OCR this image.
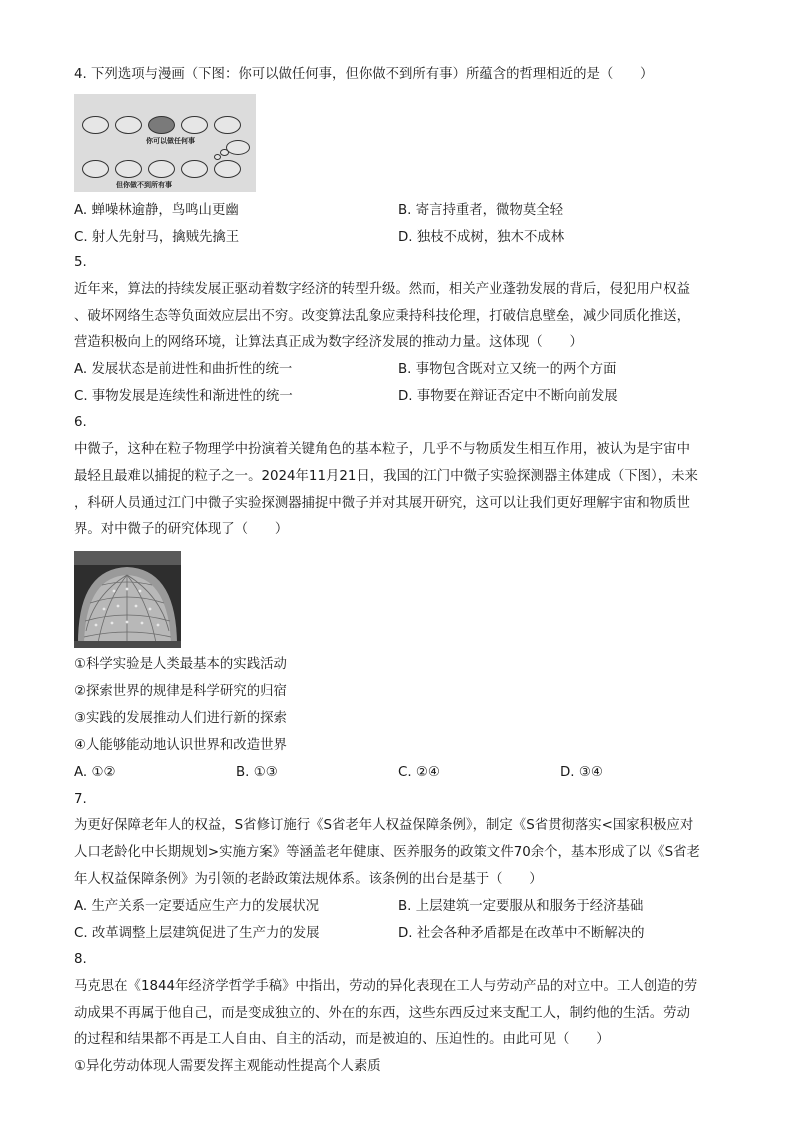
4. 下列选项与漫画（下图：你可以做任何事，但你做不到所有事）所蕴含的哲理相近的是（　　）
你可以做任何事
但你做不到所有事
A. 蝉噪林逾静，鸟鸣山更幽	B. 寄言持重者，微物莫全轻
C. 射人先射马，擒贼先擒王	D. 独枝不成树，独木不成林
5.
近年来，算法的持续发展正驱动着数字经济的转型升级。然而，相关产业蓬勃发展的背后，侵犯用户权益
、破坏网络生态等负面效应层出不穷。改变算法乱象应秉持科技伦理，打破信息壁垒，减少同质化推送，
营造积极向上的网络环境，让算法真正成为数字经济发展的推动力量。这体现（　　）
A. 发展状态是前进性和曲折性的统一	B. 事物包含既对立又统一的两个方面
C. 事物发展是连续性和渐进性的统一	D. 事物要在辩证否定中不断向前发展
6.
中微子，这种在粒子物理学中扮演着关键角色的基本粒子，几乎不与物质发生相互作用，被认为是宇宙中
最轻且最难以捕捉的粒子之一。2024年11月21日，我国的江门中微子实验探测器主体建成（下图），未来
，科研人员通过江门中微子实验探测器捕捉中微子并对其展开研究，这可以让我们更好理解宇宙和物质世
界。对中微子的研究体现了（　　）
①科学实验是人类最基本的实践活动
②探索世界的规律是科学研究的归宿
③实践的发展推动人们进行新的探索
④人能够能动地认识世界和改造世界
A. ①②	B. ①③	C. ②④	D. ③④
7.
为更好保障老年人的权益，S省修订施行《S省老年人权益保障条例》，制定《S省贯彻落实<国家积极应对
人口老龄化中长期规划>实施方案》等涵盖老年健康、医养服务的政策文件70余个，基本形成了以《S省老
年人权益保障条例》为引领的老龄政策法规体系。该条例的出台是基于（　　）
A. 生产关系一定要适应生产力的发展状况	B. 上层建筑一定要服从和服务于经济基础
C. 改革调整上层建筑促进了生产力的发展	D. 社会各种矛盾都是在改革中不断解决的
8.
马克思在《1844年经济学哲学手稿》中指出，劳动的异化表现在工人与劳动产品的对立中。工人创造的劳
动成果不再属于他自己，而是变成独立的、外在的东西，这些东西反过来支配工人，制约他的生活。劳动
的过程和结果都不再是工人自由、自主的活动，而是被迫的、压迫性的。由此可见（　　）
①异化劳动体现人需要发挥主观能动性提高个人素质
